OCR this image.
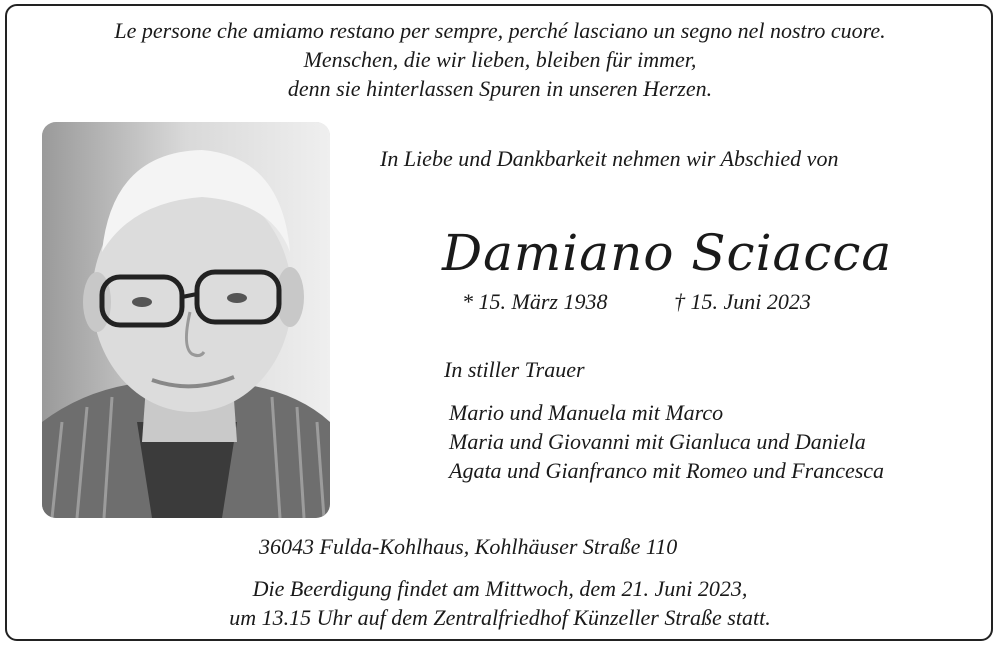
Le persone che amiamo restano per sempre, perché lasciano un segno nel nostro cuore.
Menschen, die wir lieben, bleiben für immer,
denn sie hinterlassen Spuren in unseren Herzen.
In Liebe und Dankbarkeit nehmen wir Abschied von
Damiano Sciacca
* 15. März 1938	† 15. Juni 2023
In stiller Trauer
Mario und Manuela mit Marco
Maria und Giovanni mit Gianluca und Daniela
Agata und Gianfranco mit Romeo und Francesca
36043 Fulda-Kohlhaus, Kohlhäuser Straße 110
Die Beerdigung findet am Mittwoch, dem 21. Juni 2023,
um 13.15 Uhr auf dem Zentralfriedhof Künzeller Straße statt.
